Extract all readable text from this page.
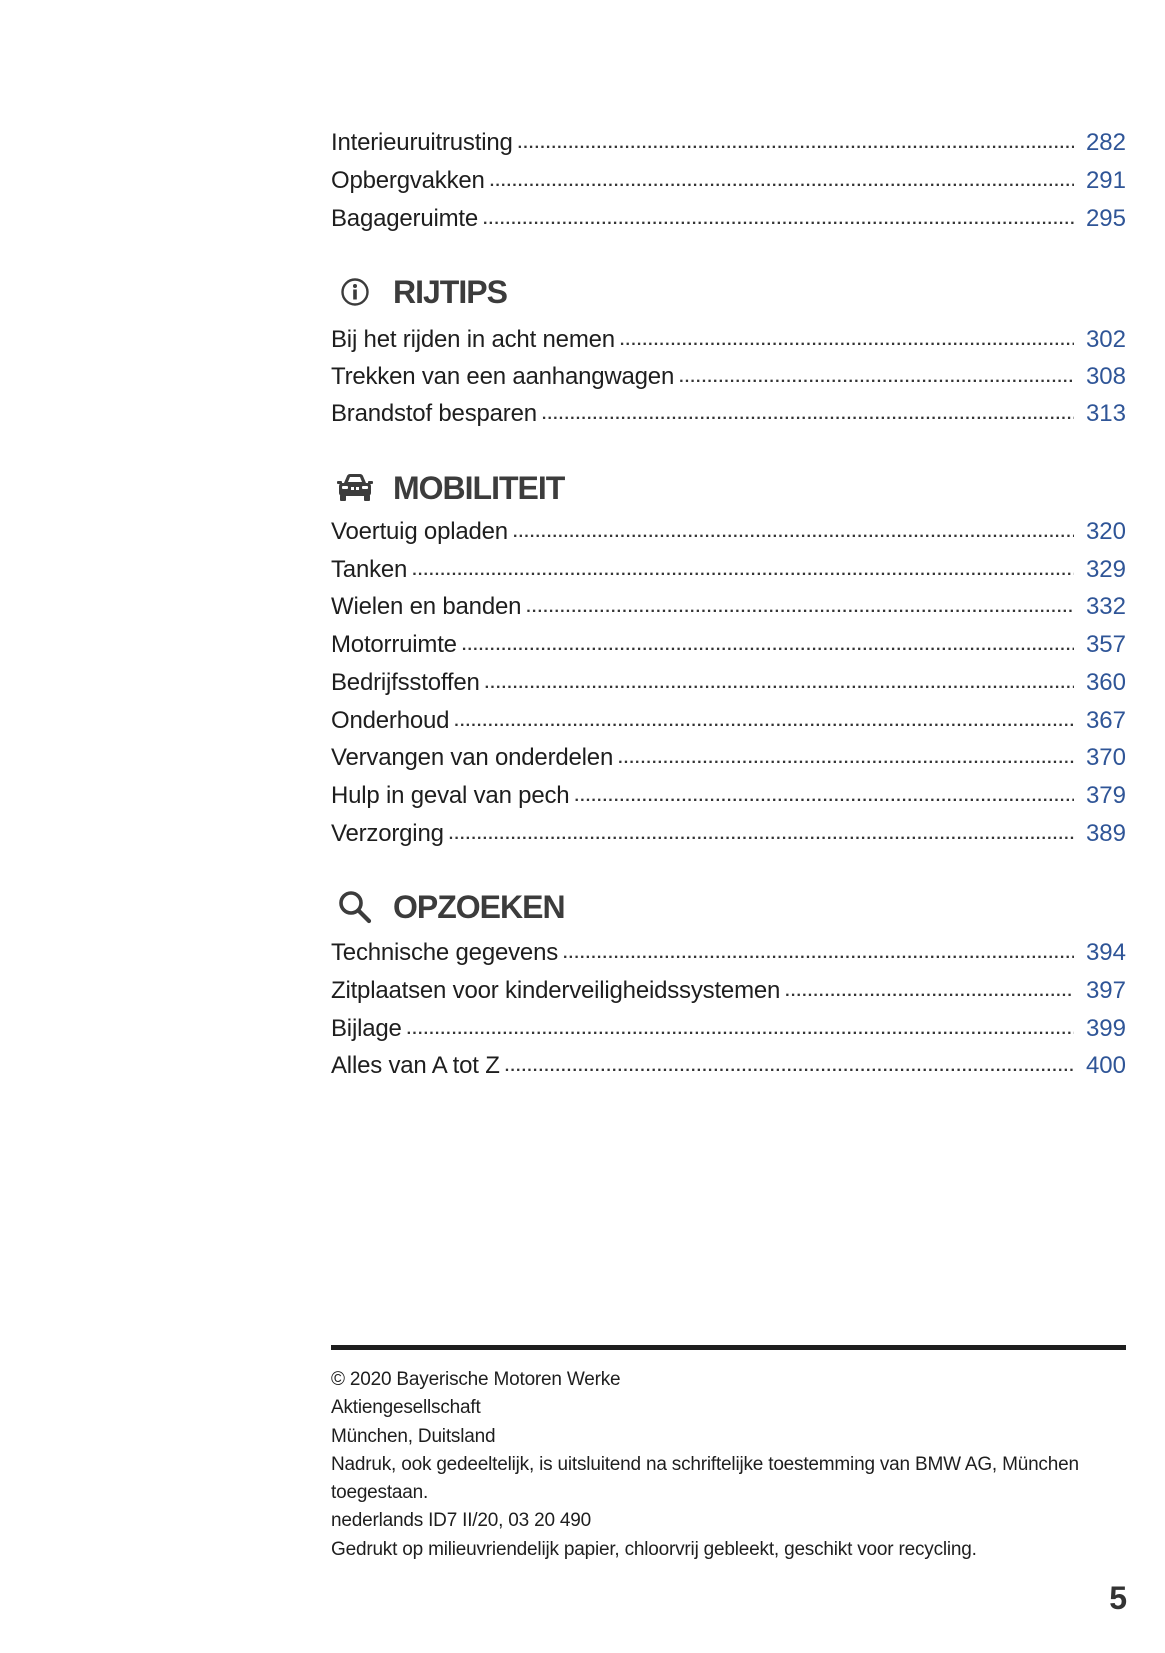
Interieuruitrusting .....	282
Opbergvakken .....	291
Bagageruimte .....	295
RIJTIPS
Bij het rijden in acht nemen .....	302
Trekken van een aanhangwagen .....	308
Brandstof besparen .....	313
MOBILITEIT
Voertuig opladen .....	320
Tanken .....	329
Wielen en banden .....	332
Motorruimte .....	357
Bedrijfsstoffen .....	360
Onderhoud .....	367
Vervangen van onderdelen .....	370
Hulp in geval van pech .....	379
Verzorging .....	389
OPZOEKEN
Technische gegevens .....	394
Zitplaatsen voor kinderveiligheidssystemen .....	397
Bijlage .....	399
Alles van A tot Z .....	400
© 2020 Bayerische Motoren Werke
Aktiengesellschaft
München, Duitsland
Nadruk, ook gedeeltelijk, is uitsluitend na schriftelijke toestemming van BMW AG, München
toegestaan.
nederlands ID7 II/20, 03 20 490
Gedrukt op milieuvriendelijk papier, chloorvrij gebleekt, geschikt voor recycling.
5
